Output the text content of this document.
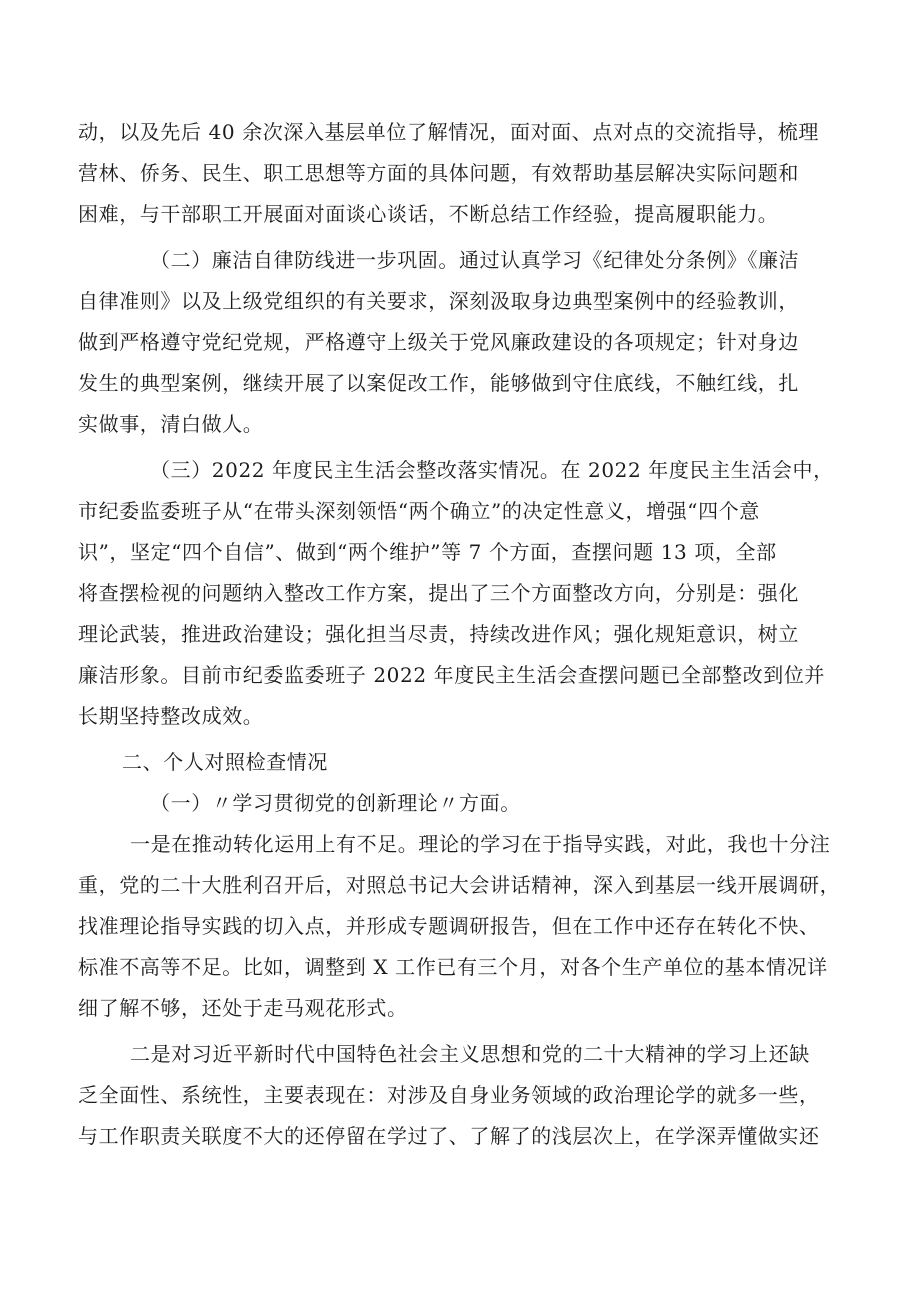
动，以及先后 40 余次深入基层单位了解情况，面对面、点对点的交流指导，梳理
营林、侨务、民生、职工思想等方面的具体问题，有效帮助基层解决实际问题和
困难，与干部职工开展面对面谈心谈话，不断总结工作经验，提高履职能力。
（二）廉洁自律防线进一步巩固。通过认真学习《纪律处分条例》《廉洁
自律准则》以及上级党组织的有关要求，深刻汲取身边典型案例中的经验教训，
做到严格遵守党纪党规，严格遵守上级关于党风廉政建设的各项规定；针对身边
发生的典型案例，继续开展了以案促改工作，能够做到守住底线，不触红线，扎
实做事，清白做人。
（三）2022 年度民主生活会整改落实情况。在 2022 年度民主生活会中，
市纪委监委班子从“在带头深刻领悟“两个确立”的决定性意义，增强“四个意
识”，坚定“四个自信”、做到“两个维护”等 7 个方面，查摆问题 13 项，全部
将查摆检视的问题纳入整改工作方案，提出了三个方面整改方向，分别是：强化
理论武装，推进政治建设；强化担当尽责，持续改进作风；强化规矩意识，树立
廉洁形象。目前市纪委监委班子 2022 年度民主生活会查摆问题已全部整改到位并
长期坚持整改成效。
二、个人对照检查情况
（一）〃学习贯彻党的创新理论〃方面。
一是在推动转化运用上有不足。理论的学习在于指导实践，对此，我也十分注
重，党的二十大胜利召开后，对照总书记大会讲话精神，深入到基层一线开展调研，
找准理论指导实践的切入点，并形成专题调研报告，但在工作中还存在转化不快、
标准不高等不足。比如，调整到 X 工作已有三个月，对各个生产单位的基本情况详
细了解不够，还处于走马观花形式。
二是对习近平新时代中国特色社会主义思想和党的二十大精神的学习上还缺
乏全面性、系统性，主要表现在：对涉及自身业务领域的政治理论学的就多一些，
与工作职责关联度不大的还停留在学过了、了解了的浅层次上，在学深弄懂做实还
